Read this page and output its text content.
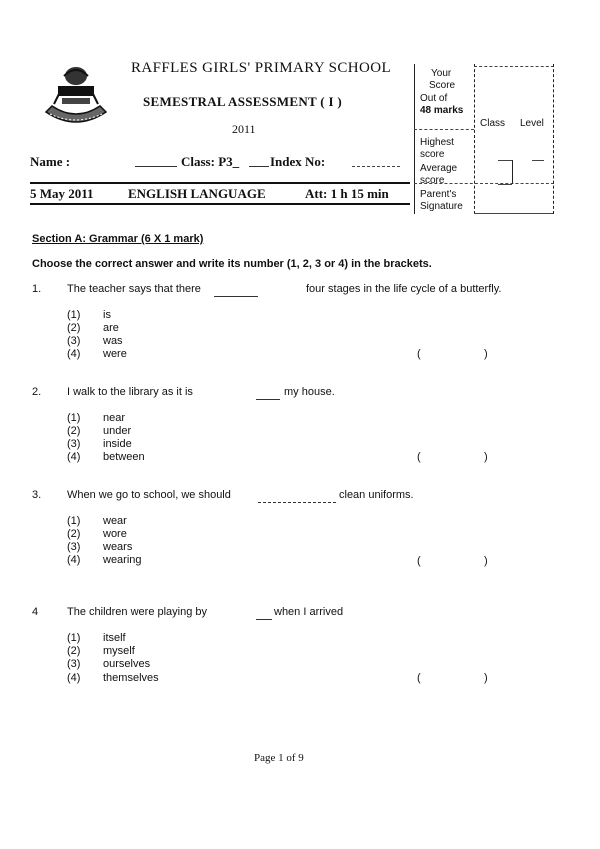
RAFFLES GIRLS' PRIMARY SCHOOL
SEMESTRAL ASSESSMENT ( I )
2011
Name :	Class: P3_ Index No:
5 May 2011	ENGLISH LANGUAGE	Att: 1 h 15 min
Your
Score
Out of
48 marks
Class Level
Highest
score
Average
score
Parent's
Signature
Section A: Grammar (6 X 1 mark)
Choose the correct answer and write its number (1, 2, 3 or 4) in the brackets.
1. The teacher says that there	four stages in the life cycle of a butterfly.
(1) is
(2) are
(3) was
(4) were	(	)
2. I walk to the library as it is	my house.
(1) near
(2) under
(3) inside
(4) between	(	)
3. When we go to school, we should	clean uniforms.
(1) wear
(2) wore
(3) wears
(4) wearing	(	)
4	The children were playing by	when I arrived
(1) itself
(2) myself
(3) ourselves
(4) themselves	(	)
Page 1 of 9
